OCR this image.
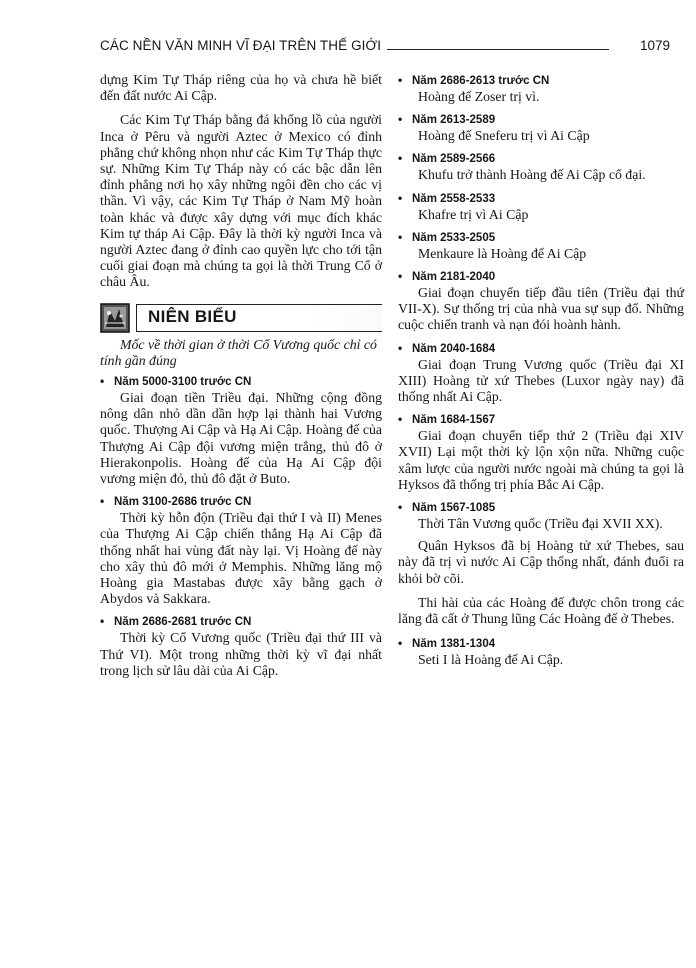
CÁC NỀN VĂN MINH VĨ ĐẠI TRÊN THẾ GIỚI	1079

dựng Kim Tự Tháp riêng của họ và chưa hề biết đến đất nước Ai Cập.

Các Kim Tự Tháp bằng đá khổng lồ của người Inca ở Pêru và người Aztec ở Mexico có đỉnh phẳng chứ không nhọn như các Kim Tự Tháp thực sự. Những Kim Tự Tháp này có các bậc dẫn lên đỉnh phẳng nơi họ xây những ngôi đền cho các vị thần. Vì vậy, các Kim Tự Tháp ở Nam Mỹ hoàn toàn khác và được xây dựng với mục đích khác Kim tự tháp Ai Cập. Đây là thời kỳ người Inca và người Aztec đang ở đỉnh cao quyền lực cho tới tận cuối giai đoạn mà chúng ta gọi là thời Trung Cổ ở châu Âu.

NIÊN BIỂU
Mốc về thời gian ở thời Cổ Vương quốc chỉ có tính gần đúng
• Năm 5000-3100 trước CN

Giai đoạn tiền Triều đại. Những cộng đồng nông dân nhỏ dần dần hợp lại thành hai Vương quốc. Thượng Ai Cập và Hạ Ai Cập. Hoàng đế của Thượng Ai Cập đội vương miện trắng, thủ đô ở Hierakonpolis. Hoàng đế của Hạ Ai Cập đội vương miện đỏ, thủ đô đặt ở Buto.

• Năm 3100-2686 trước CN

Thời kỳ hỗn độn (Triều đại thứ I và II) Menes của Thượng Ai Cập chiến thắng Hạ Ai Cập đã thống nhất hai vùng đất này lại. Vị Hoàng đế này cho xây thủ đô mới ở Memphis. Những lăng mộ Hoàng gia Mastabas được xây bằng gạch ở Abydos và Sakkara.

• Năm 2686-2681 trước CN

Thời kỳ Cổ Vương quốc (Triều đại thứ III và Thứ VI). Một trong những thời kỳ vĩ đại nhất trong lịch sử lâu dài của Ai Cập.

• Năm 2686-2613 trước CN

Hoàng đế Zoser trị vì.

• Năm 2613-2589

Hoàng đế Sneferu trị vì Ai Cập

• Năm 2589-2566

Khufu trở thành Hoàng đế Ai Cập cổ đại.

• Năm 2558-2533

Khafre trị vì Ai Cập

• Năm 2533-2505

Menkaure là Hoàng đế Ai Cập

• Năm 2181-2040

Giai đoạn chuyển tiếp đầu tiên (Triều đại thứ VII-X). Sự thống trị của nhà vua sự sụp đổ. Những cuộc chiến tranh và nạn đói hoành hành.

• Năm 2040-1684

Giai đoạn Trung Vương quốc (Triều đại XI XIII) Hoàng tử xứ Thebes (Luxor ngày nay) đã thống nhất Ai Cập.

• Năm 1684-1567

Giai đoạn chuyển tiếp thứ 2 (Triều đại XIV XVII) Lại một thời kỳ lộn xộn nữa. Những cuộc xâm lược của người nước ngoài mà chúng ta gọi là Hyksos đã thống trị phía Bắc Ai Cập.

• Năm 1567-1085

Thời Tân Vương quốc (Triều đại XVII XX).

Quân Hyksos đã bị Hoàng tử xứ Thebes, sau này đã trị vì nước Ai Cập thống nhất, đánh đuổi ra khỏi bờ cõi.

Thi hài của các Hoàng đế được chôn trong các lăng đã cất ở Thung lũng Các Hoàng đế ở Thebes.

• Năm 1381-1304

Seti I là Hoàng đế Ai Cập.
